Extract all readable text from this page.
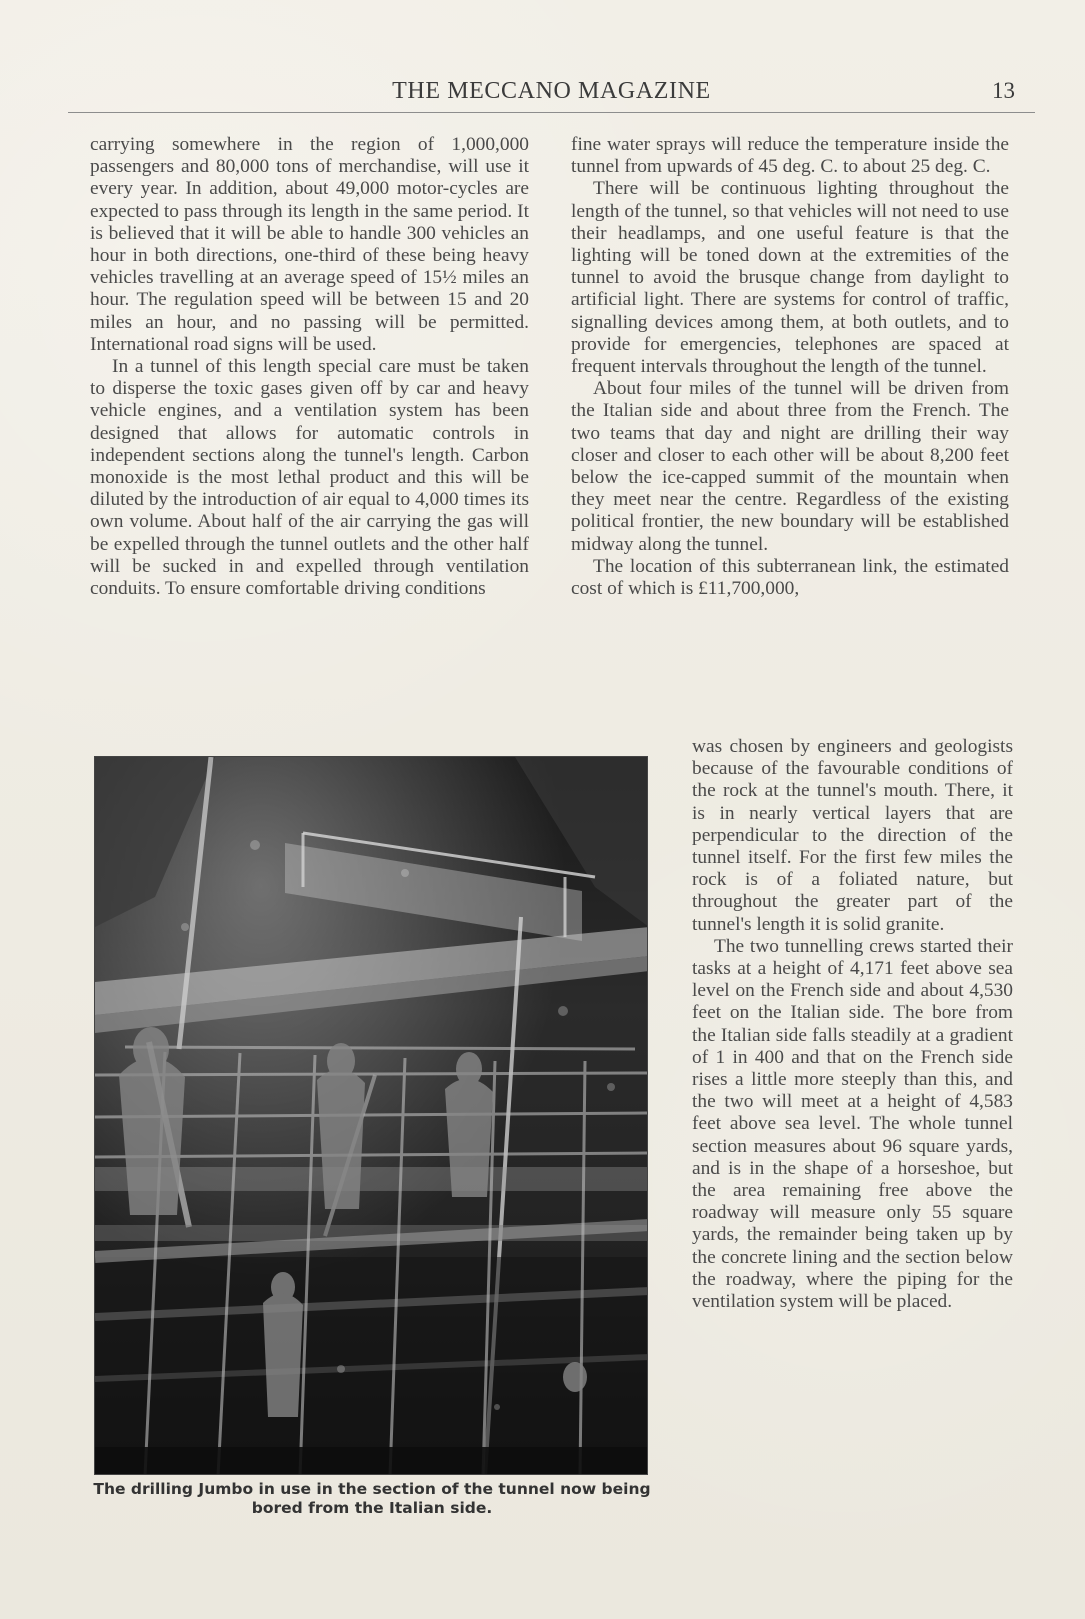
THE MECCANO MAGAZINE	13

carrying somewhere in the region of 1,000,000 passengers and 80,000 tons of merchandise, will use it every year. In addition, about 49,000 motor-cycles are expected to pass through its length in the same period. It is believed that it will be able to handle 300 vehicles an hour in both directions, one-third of these being heavy vehicles travelling at an average speed of 15½ miles an hour. The regulation speed will be between 15 and 20 miles an hour, and no passing will be permitted. International road signs will be used.

In a tunnel of this length special care must be taken to disperse the toxic gases given off by car and heavy vehicle engines, and a ventilation system has been designed that allows for automatic controls in independent sections along the tunnel's length. Carbon monoxide is the most lethal product and this will be diluted by the introduction of air equal to 4,000 times its own volume. About half of the air carrying the gas will be expelled through the tunnel outlets and the other half will be sucked in and expelled through ventilation conduits. To ensure comfortable driving conditions

fine water sprays will reduce the temperature inside the tunnel from upwards of 45 deg. C. to about 25 deg. C.

There will be continuous lighting throughout the length of the tunnel, so that vehicles will not need to use their headlamps, and one useful feature is that the lighting will be toned down at the extremities of the tunnel to avoid the brusque change from daylight to artificial light. There are systems for control of traffic, signalling devices among them, at both outlets, and to provide for emergencies, telephones are spaced at frequent intervals throughout the length of the tunnel.

About four miles of the tunnel will be driven from the Italian side and about three from the French. The two teams that day and night are drilling their way closer and closer to each other will be about 8,200 feet below the ice-capped summit of the mountain when they meet near the centre. Regardless of the existing political frontier, the new boundary will be established midway along the tunnel.

The location of this subterranean link, the estimated cost of which is £11,700,000,

was chosen by engineers and geologists because of the favourable conditions of the rock at the tunnel's mouth. There, it is in nearly vertical layers that are perpendicular to the direction of the tunnel itself. For the first few miles the rock is of a foliated nature, but throughout the greater part of the tunnel's length it is solid granite.

The two tunnelling crews started their tasks at a height of 4,171 feet above sea level on the French side and about 4,530 feet on the Italian side. The bore from the Italian side falls steadily at a gradient of 1 in 400 and that on the French side rises a little more steeply than this, and the two will meet at a height of 4,583 feet above sea level. The whole tunnel section measures about 96 square yards, and is in the shape of a horseshoe, but the area remaining free above the roadway will measure only 55 square yards, the remainder being taken up by the concrete lining and the section below the roadway, where the piping for the ventilation system will be placed.

The drilling Jumbo in use in the section of the tunnel now being
bored from the Italian side.
